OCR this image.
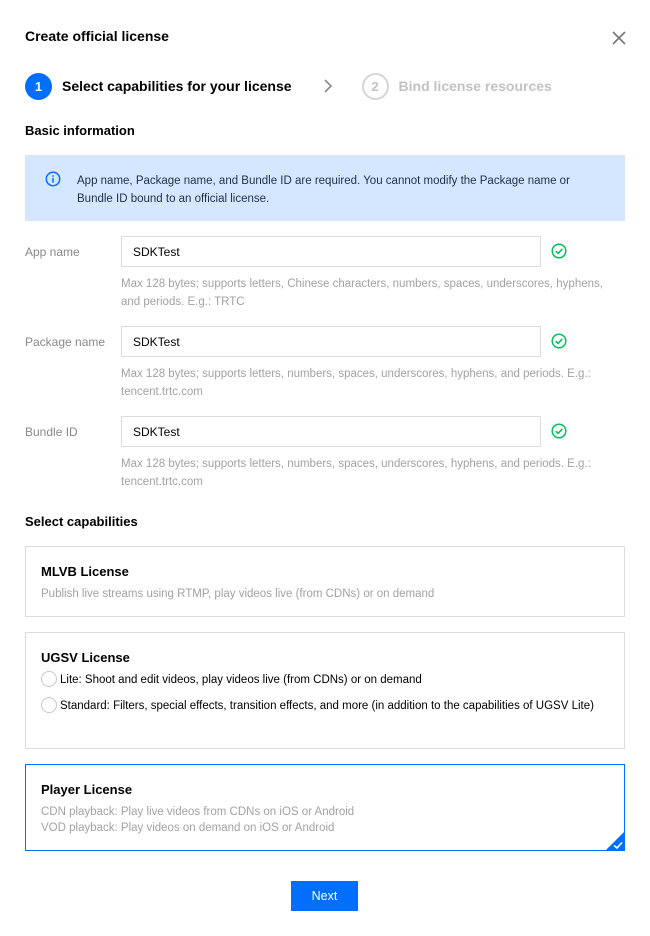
Create official license
1	Select capabilities for your license	2	Bind license resources
Basic information
App name, Package name, and Bundle ID are required. You cannot modify the Package name or Bundle ID bound to an official license.
App name
SDKTest
Max 128 bytes; supports letters, Chinese characters, numbers, spaces, underscores, hyphens, and periods. E.g.: TRTC
Package name
SDKTest
Max 128 bytes; supports letters, numbers, spaces, underscores, hyphens, and periods. E.g.: tencent.trtc.com
Bundle ID
SDKTest
Max 128 bytes; supports letters, numbers, spaces, underscores, hyphens, and periods. E.g.: tencent.trtc.com
Select capabilities
MLVB License
Publish live streams using RTMP, play videos live (from CDNs) or on demand
UGSV License
Lite: Shoot and edit videos, play videos live (from CDNs) or on demand
Standard: Filters, special effects, transition effects, and more (in addition to the capabilities of UGSV Lite)
Player License
CDN playback: Play live videos from CDNs on iOS or Android
VOD playback: Play videos on demand on iOS or Android
Next
